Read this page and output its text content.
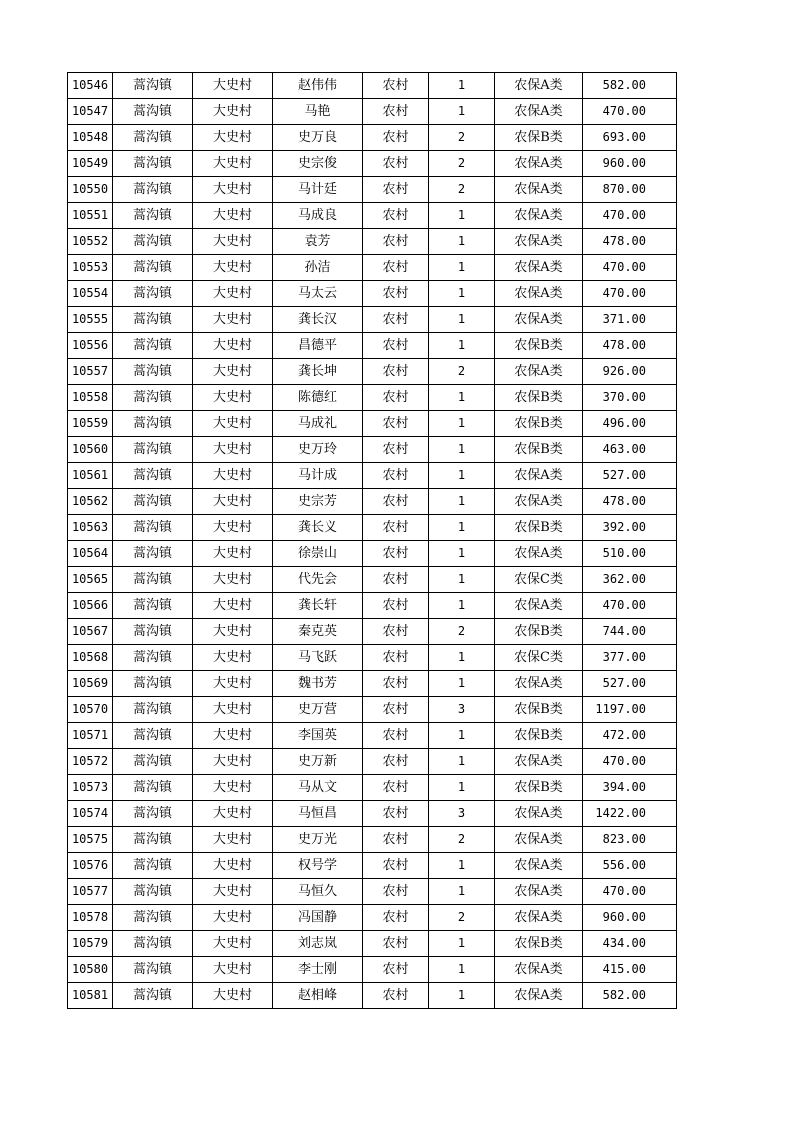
10546	蒿沟镇	大史村	赵伟伟	农村	1	农保A类	582.00
10547	蒿沟镇	大史村	马艳	农村	1	农保A类	470.00
10548	蒿沟镇	大史村	史万良	农村	2	农保B类	693.00
10549	蒿沟镇	大史村	史宗俊	农村	2	农保A类	960.00
10550	蒿沟镇	大史村	马计廷	农村	2	农保A类	870.00
10551	蒿沟镇	大史村	马成良	农村	1	农保A类	470.00
10552	蒿沟镇	大史村	袁芳	农村	1	农保A类	478.00
10553	蒿沟镇	大史村	孙洁	农村	1	农保A类	470.00
10554	蒿沟镇	大史村	马太云	农村	1	农保A类	470.00
10555	蒿沟镇	大史村	龚长汉	农村	1	农保A类	371.00
10556	蒿沟镇	大史村	昌德平	农村	1	农保B类	478.00
10557	蒿沟镇	大史村	龚长坤	农村	2	农保A类	926.00
10558	蒿沟镇	大史村	陈德红	农村	1	农保B类	370.00
10559	蒿沟镇	大史村	马成礼	农村	1	农保B类	496.00
10560	蒿沟镇	大史村	史万玲	农村	1	农保B类	463.00
10561	蒿沟镇	大史村	马计成	农村	1	农保A类	527.00
10562	蒿沟镇	大史村	史宗芳	农村	1	农保A类	478.00
10563	蒿沟镇	大史村	龚长义	农村	1	农保B类	392.00
10564	蒿沟镇	大史村	徐崇山	农村	1	农保A类	510.00
10565	蒿沟镇	大史村	代先会	农村	1	农保C类	362.00
10566	蒿沟镇	大史村	龚长轩	农村	1	农保A类	470.00
10567	蒿沟镇	大史村	秦克英	农村	2	农保B类	744.00
10568	蒿沟镇	大史村	马飞跃	农村	1	农保C类	377.00
10569	蒿沟镇	大史村	魏书芳	农村	1	农保A类	527.00
10570	蒿沟镇	大史村	史万营	农村	3	农保B类	1197.00
10571	蒿沟镇	大史村	李国英	农村	1	农保B类	472.00
10572	蒿沟镇	大史村	史万新	农村	1	农保A类	470.00
10573	蒿沟镇	大史村	马从文	农村	1	农保B类	394.00
10574	蒿沟镇	大史村	马恒昌	农村	3	农保A类	1422.00
10575	蒿沟镇	大史村	史万光	农村	2	农保A类	823.00
10576	蒿沟镇	大史村	权号学	农村	1	农保A类	556.00
10577	蒿沟镇	大史村	马恒久	农村	1	农保A类	470.00
10578	蒿沟镇	大史村	冯国静	农村	2	农保A类	960.00
10579	蒿沟镇	大史村	刘志岚	农村	1	农保B类	434.00
10580	蒿沟镇	大史村	李士刚	农村	1	农保A类	415.00
10581	蒿沟镇	大史村	赵相峰	农村	1	农保A类	582.00
